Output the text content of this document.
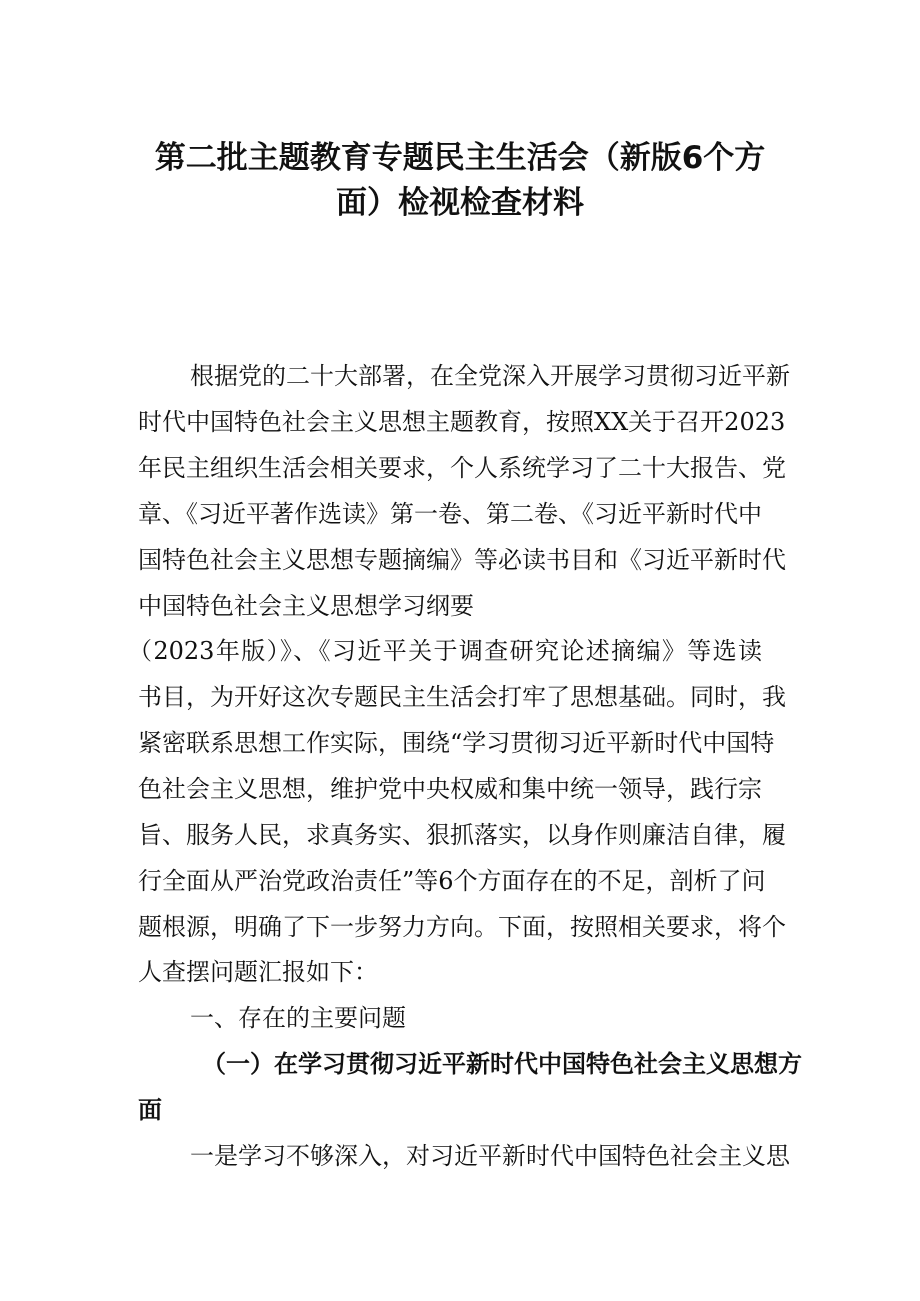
第二批主题教育专题民主生活会（新版6个方
面）检视检查材料
根据党的二十大部署，在全党深入开展学习贯彻习近平新
时代中国特色社会主义思想主题教育，按照XX关于召开2023
年民主组织生活会相关要求，个人系统学习了二十大报告、党
章、《习近平著作选读》第一卷、第二卷、《习近平新时代中
国特色社会主义思想专题摘编》等必读书目和《习近平新时代
中国特色社会主义思想学习纲要
（2023年版）》、《习近平关于调查研究论述摘编》等选读
书目，为开好这次专题民主生活会打牢了思想基础。同时，我
紧密联系思想工作实际，围绕“学习贯彻习近平新时代中国特
色社会主义思想，维护党中央权威和集中统一领导，践行宗
旨、服务人民，求真务实、狠抓落实，以身作则廉洁自律，履
行全面从严治党政治责任”等6个方面存在的不足，剖析了问
题根源，明确了下一步努力方向。下面，按照相关要求，将个
人查摆问题汇报如下：
一、存在的主要问题
（一）在学习贯彻习近平新时代中国特色社会主义思想方
面
一是学习不够深入，对习近平新时代中国特色社会主义思
